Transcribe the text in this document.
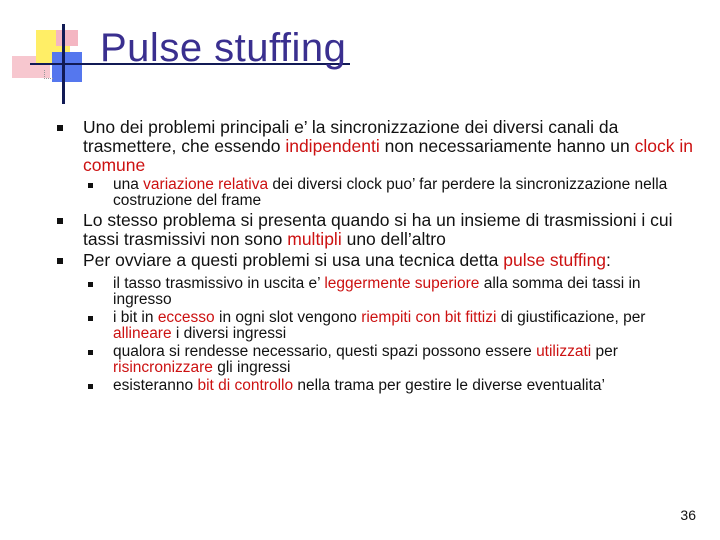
Pulse stuffing
Uno dei problemi principali e’ la sincronizzazione dei diversi canali da trasmettere, che essendo indipendenti non necessariamente hanno un clock in comune
una variazione relativa dei diversi clock puo’ far perdere la sincronizzazione nella costruzione del frame
Lo stesso problema si presenta quando si ha un insieme di trasmissioni i cui tassi trasmissivi non sono multipli uno dell’altro
Per ovviare a questi problemi si usa una tecnica detta pulse stuffing:
il tasso trasmissivo in uscita e’ leggermente superiore alla somma dei tassi in ingresso
i bit in eccesso in ogni slot vengono riempiti con bit fittizi di giustificazione, per allineare i diversi ingressi
qualora si rendesse necessario, questi spazi possono essere utilizzati per risincronizzare gli ingressi
esisteranno bit di controllo nella trama per gestire le diverse eventualita’
36
